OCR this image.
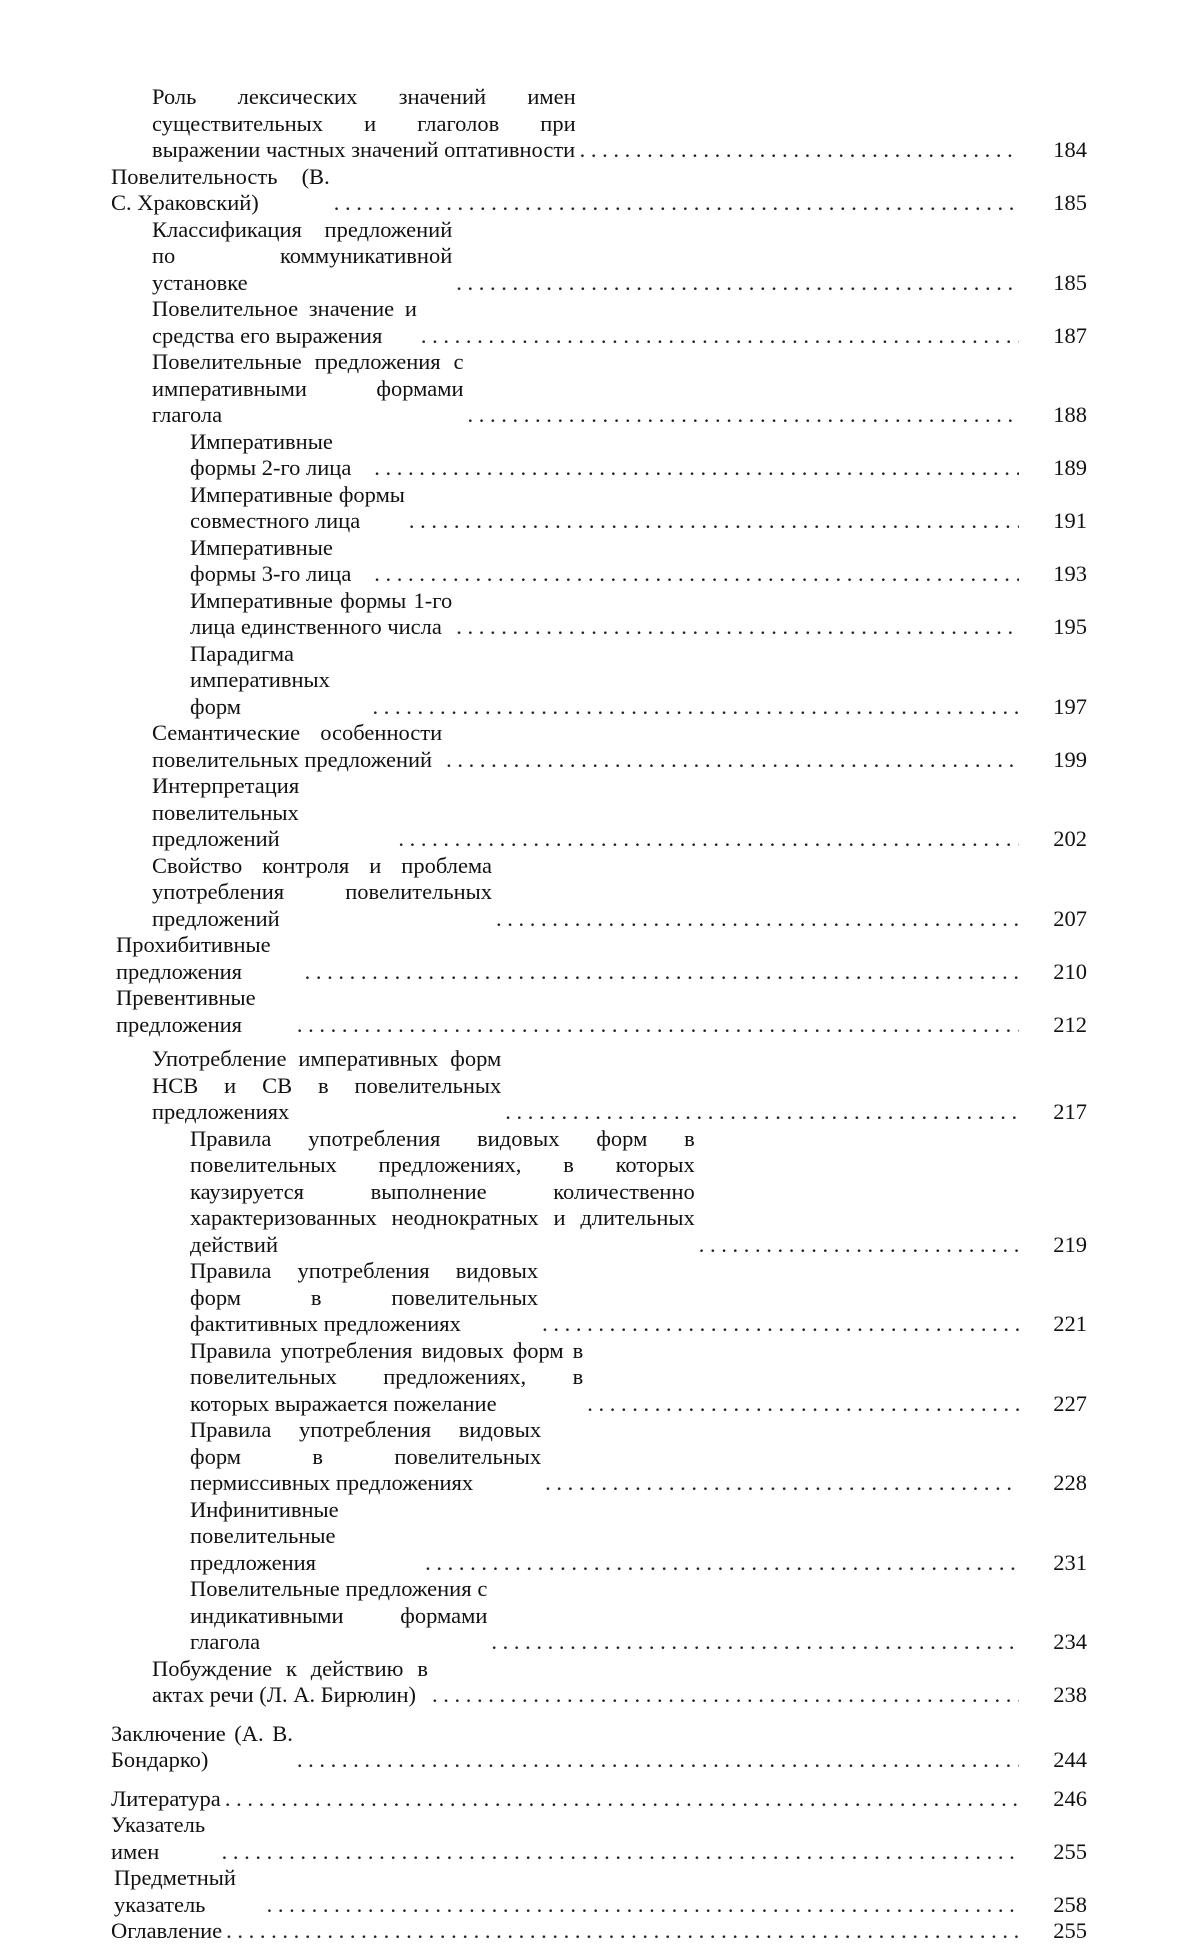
Роль лексических значений имен существительных и глаголов при выражении частных значений оптативности . . .	184
Повелительность (В. С. Храковский) . . .	185
Классификация предложений по коммуникативной установке . . .	185
Повелительное значение и средства его выражения . . .	187
Повелительные предложения с императивными формами глагола . . .	188
Императивные формы 2-го лица . . .	189
Императивные формы совместного лица . . .	191
Императивные формы 3-го лица . . .	193
Императивные формы 1-го лица единственного числа . . .	195
Парадигма императивных форм . . .	197
Семантические особенности повелительных предложений . . .	199
Интерпретация повелительных предложений . . .	202
Свойство контроля и проблема употребления повелительных предложений . . .	207
Прохибитивные предложения . . .	210
Превентивные предложения . . .	212
Употребление императивных форм НСВ и СВ в повелительных предложениях . . .	217
Правила употребления видовых форм в повелительных предложениях, в которых каузируется выполнение количественно характеризованных неоднократных и длительных действий . . .	219
Правила употребления видовых форм в повелительных фактитивных предложениях . . .	221
Правила употребления видовых форм в повелительных предложениях, в которых выражается пожелание . . .	227
Правила употребления видовых форм в повелительных пермиссивных предложениях . . .	228
Инфинитивные повелительные предложения . . .	231
Повелительные предложения с индикативными формами глагола . . .	234
Побуждение к действию в актах речи (Л. А. Бирюлин) . . .	238
Заключение (А. В. Бондарко) . . .	244
Литература . . .	246
Указатель имен . . .	255
Предметный указатель . . .	258
Оглавление . . .	255
